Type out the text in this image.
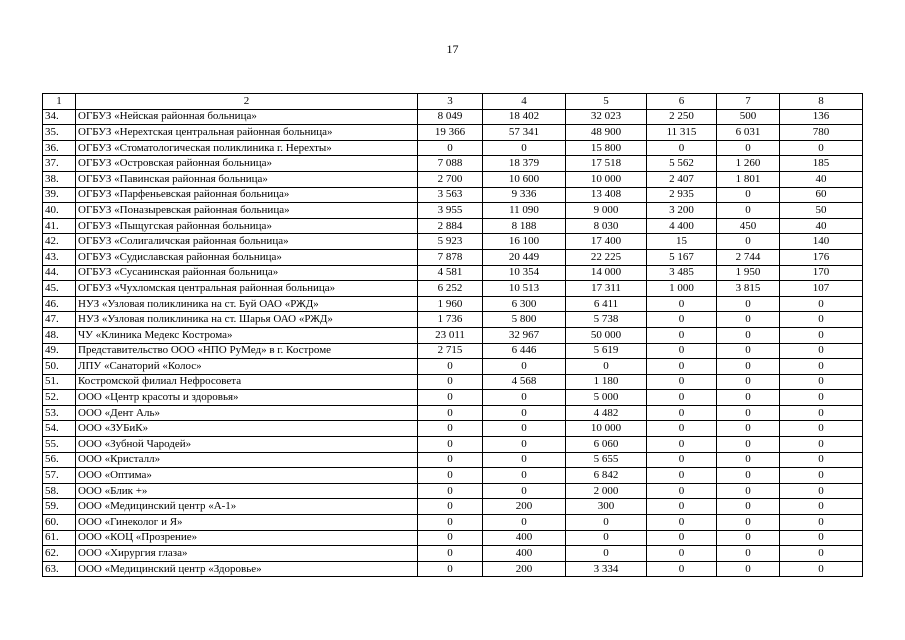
17
1	2	3	4	5	6	7	8
34.	ОГБУЗ «Нейская районная больница»	8 049	18 402	32 023	2 250	500	136
35.	ОГБУЗ «Нерехтская центральная районная больница»	19 366	57 341	48 900	11 315	6 031	780
36.	ОГБУЗ «Стоматологическая поликлиника г. Нерехты»	0	0	15 800	0	0	0
37.	ОГБУЗ «Островская районная больница»	7 088	18 379	17 518	5 562	1 260	185
38.	ОГБУЗ «Павинская районная больница»	2 700	10 600	10 000	2 407	1 801	40
39.	ОГБУЗ «Парфеньевская районная больница»	3 563	9 336	13 408	2 935	0	60
40.	ОГБУЗ «Поназыревская районная больница»	3 955	11 090	9 000	3 200	0	50
41.	ОГБУЗ «Пыщугская районная больница»	2 884	8 188	8 030	4 400	450	40
42.	ОГБУЗ «Солигаличская районная больница»	5 923	16 100	17 400	15	0	140
43.	ОГБУЗ «Судиславская районная больница»	7 878	20 449	22 225	5 167	2 744	176
44.	ОГБУЗ «Сусанинская районная больница»	4 581	10 354	14 000	3 485	1 950	170
45.	ОГБУЗ «Чухломская центральная районная больница»	6 252	10 513	17 311	1 000	3 815	107
46.	НУЗ «Узловая поликлиника на ст. Буй ОАО «РЖД»	1 960	6 300	6 411	0	0	0
47.	НУЗ «Узловая поликлиника на ст. Шарья ОАО «РЖД»	1 736	5 800	5 738	0	0	0
48.	ЧУ «Клиника Медекс Кострома»	23 011	32 967	50 000	0	0	0
49.	Представительство ООО «НПО РуМед» в г. Костроме	2 715	6 446	5 619	0	0	0
50.	ЛПУ «Санаторий «Колос»	0	0	0	0	0	0
51.	Костромской филиал Нефросовета	0	4 568	1 180	0	0	0
52.	ООО «Центр красоты и здоровья»	0	0	5 000	0	0	0
53.	ООО «Дент Аль»	0	0	4 482	0	0	0
54.	ООО «ЗУБиК»	0	0	10 000	0	0	0
55.	ООО «Зубной Чародей»	0	0	6 060	0	0	0
56.	ООО «Кристалл»	0	0	5 655	0	0	0
57.	ООО «Оптима»	0	0	6 842	0	0	0
58.	ООО «Блик +»	0	0	2 000	0	0	0
59.	ООО «Медицинский центр «А-1»	0	200	300	0	0	0
60.	ООО «Гинеколог и Я»	0	0	0	0	0	0
61.	ООО «КОЦ «Прозрение»	0	400	0	0	0	0
62.	ООО «Хирургия глаза»	0	400	0	0	0	0
63.	ООО «Медицинский центр «Здоровье»	0	200	3 334	0	0	0
